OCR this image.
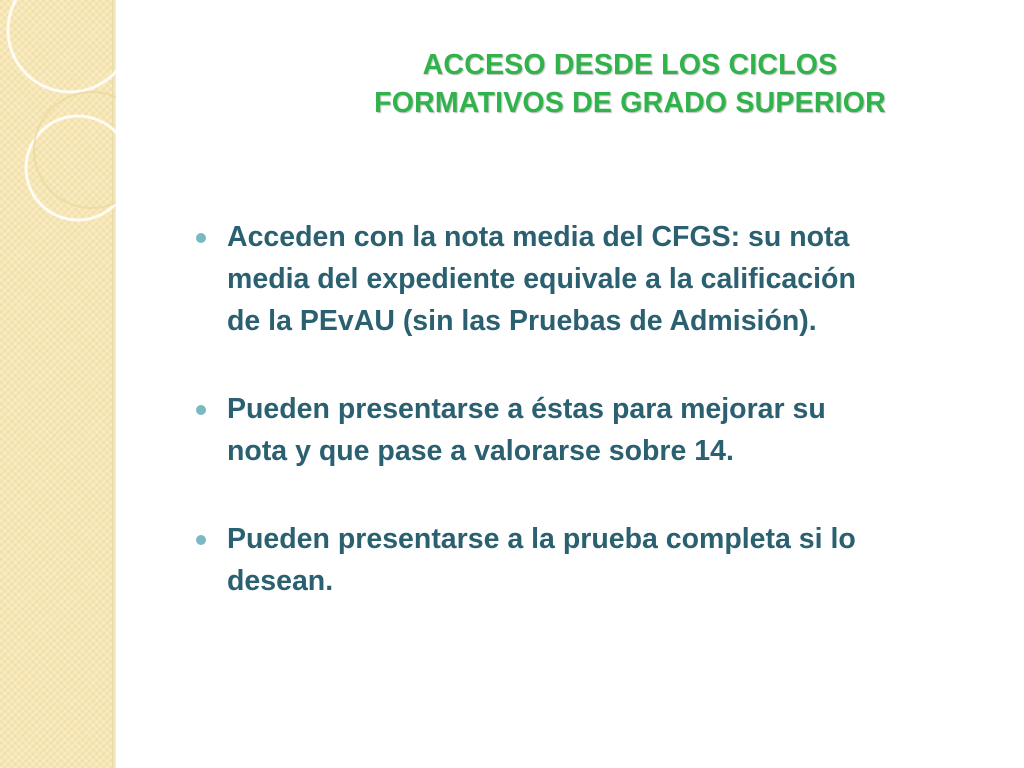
ACCESO DESDE LOS CICLOS
FORMATIVOS DE GRADO SUPERIOR
Acceden con la nota media del CFGS: su nota
media del expediente equivale a la calificación
de la PEvAU (sin las Pruebas de Admisión).
Pueden presentarse a éstas para mejorar su
nota y que pase a valorarse sobre 14.
Pueden presentarse a la prueba completa si lo
desean.
